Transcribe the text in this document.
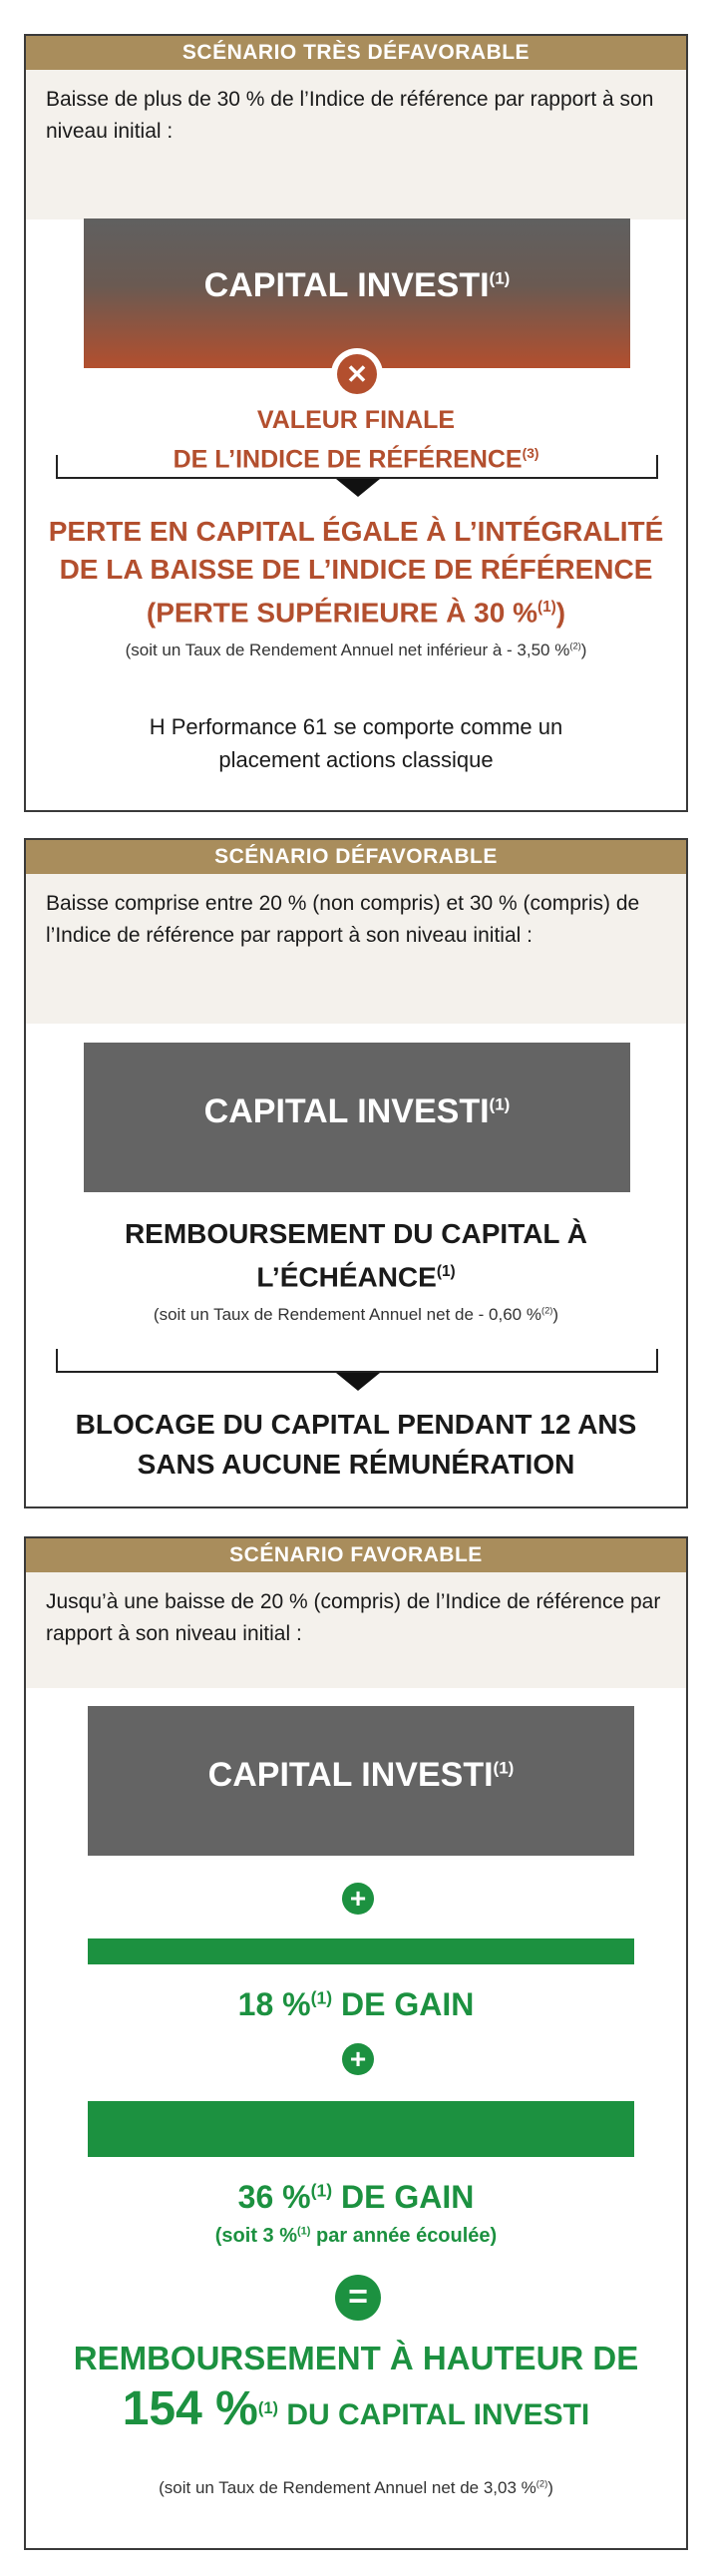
SCÉNARIO TRÈS DÉFAVORABLE
Baisse de plus de 30 % de l’Indice de référence par rapport à son niveau initial :
CAPITAL INVESTI$^{(1)}$
✕
VALEUR FINALE
DE L’INDICE DE RÉFÉRENCE$^{(3)}$
PERTE EN CAPITAL ÉGALE À L’INTÉGRALITÉ
DE LA BAISSE DE L’INDICE DE RÉFÉRENCE
(PERTE SUPÉRIEURE À 30 %$^{(1)}$)
(soit un Taux de Rendement Annuel net inférieur à - 3,50 %$^{(2)}$)
H Performance 61 se comporte comme un
placement actions classique
SCÉNARIO DÉFAVORABLE
Baisse comprise entre 20 % (non compris) et 30 % (compris) de l’Indice de référence par rapport à son niveau initial :
CAPITAL INVESTI$^{(1)}$
REMBOURSEMENT DU CAPITAL À
L’ÉCHÉANCE$^{(1)}$
(soit un Taux de Rendement Annuel net de - 0,60 %$^{(2)}$)
BLOCAGE DU CAPITAL PENDANT 12 ANS
SANS AUCUNE RÉMUNÉRATION
SCÉNARIO FAVORABLE
Jusqu’à une baisse de 20 % (compris) de l’Indice de référence par rapport à son niveau initial :
CAPITAL $INVESTI^{(1)}$
+
18 %$^{(1)}$ DE GAIN
+
36 %$^{(1)}$ DE GAIN
(soit 3 %$^{(1)}$ par année écoulée)
=
REMBOURSEMENT À HAUTEUR DE
154 %$^{(1)}$ DU CAPITAL INVESTI
(soit un Taux de Rendement Annuel net de 3,03 %$^{(2)}$)
